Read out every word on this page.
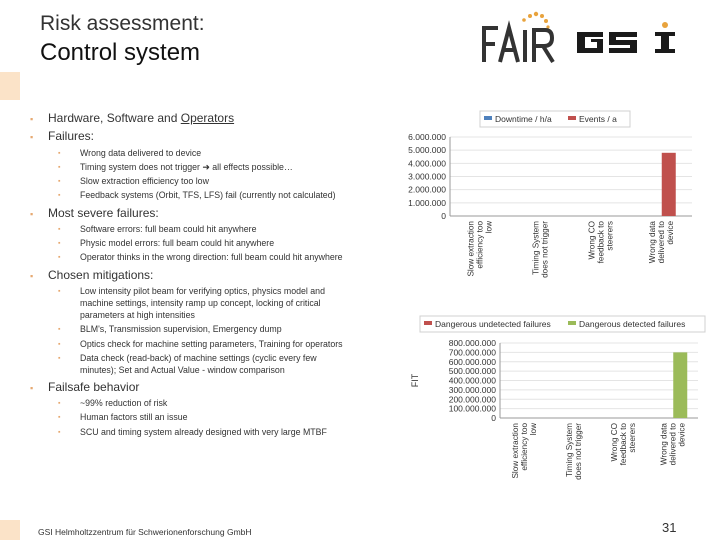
Risk assessment:
Control system
▪ Hardware, Software and Operators
▪ Failures:
▪ Wrong data delivered to device
▪ Timing system does not trigger ➜ all effects possible…
▪ Slow extraction efficiency too low
▪ Feedback systems (Orbit, TFS, LFS) fail (currently not calculated)
▪ Most severe failures:
▪ Software errors: full beam could hit anywhere
▪ Physic model errors: full beam could hit anywhere
▪ Operator thinks in the wrong direction: full beam could hit anywhere
▪ Chosen mitigations:
▪ Low intensity pilot beam for verifying optics, physics model and
machine settings, intensity ramp up concept, locking of critical
parameters at high intensities
▪ BLM's, Transmission supervision, Emergency dump
▪ Optics check for machine setting parameters, Training for operators
▪ Data check (read-back) of machine settings (cyclic every few
minutes); Set and Actual Value - window comparison
▪ Failsafe behavior
▪ ~99% reduction of risk
▪ Human factors still an issue
▪ SCU and timing system already designed with very large MTBF
Downtime / h/a	Events / a
0
1.000.000
2.000.000
3.000.000
4.000.000
5.000.000
6.000.000
Slow extractionefficiency toolow	Timing Systemdoes not trigger	Wrong COfeedback tosteerers	Wrong datadelivered todevice
Dangerous undetected failures	Dangerous detected failures
0
100.000.000
200.000.000
300.000.000
400.000.000
500.000.000
600.000.000
700.000.000
800.000.000
FIT
Slow extractionefficiency toolow	Timing Systemdoes not trigger	Wrong COfeedback tosteerers	Wrong datadelivered todevice
GSI Helmholtzzentrum für Schwerionenforschung GmbH	31
